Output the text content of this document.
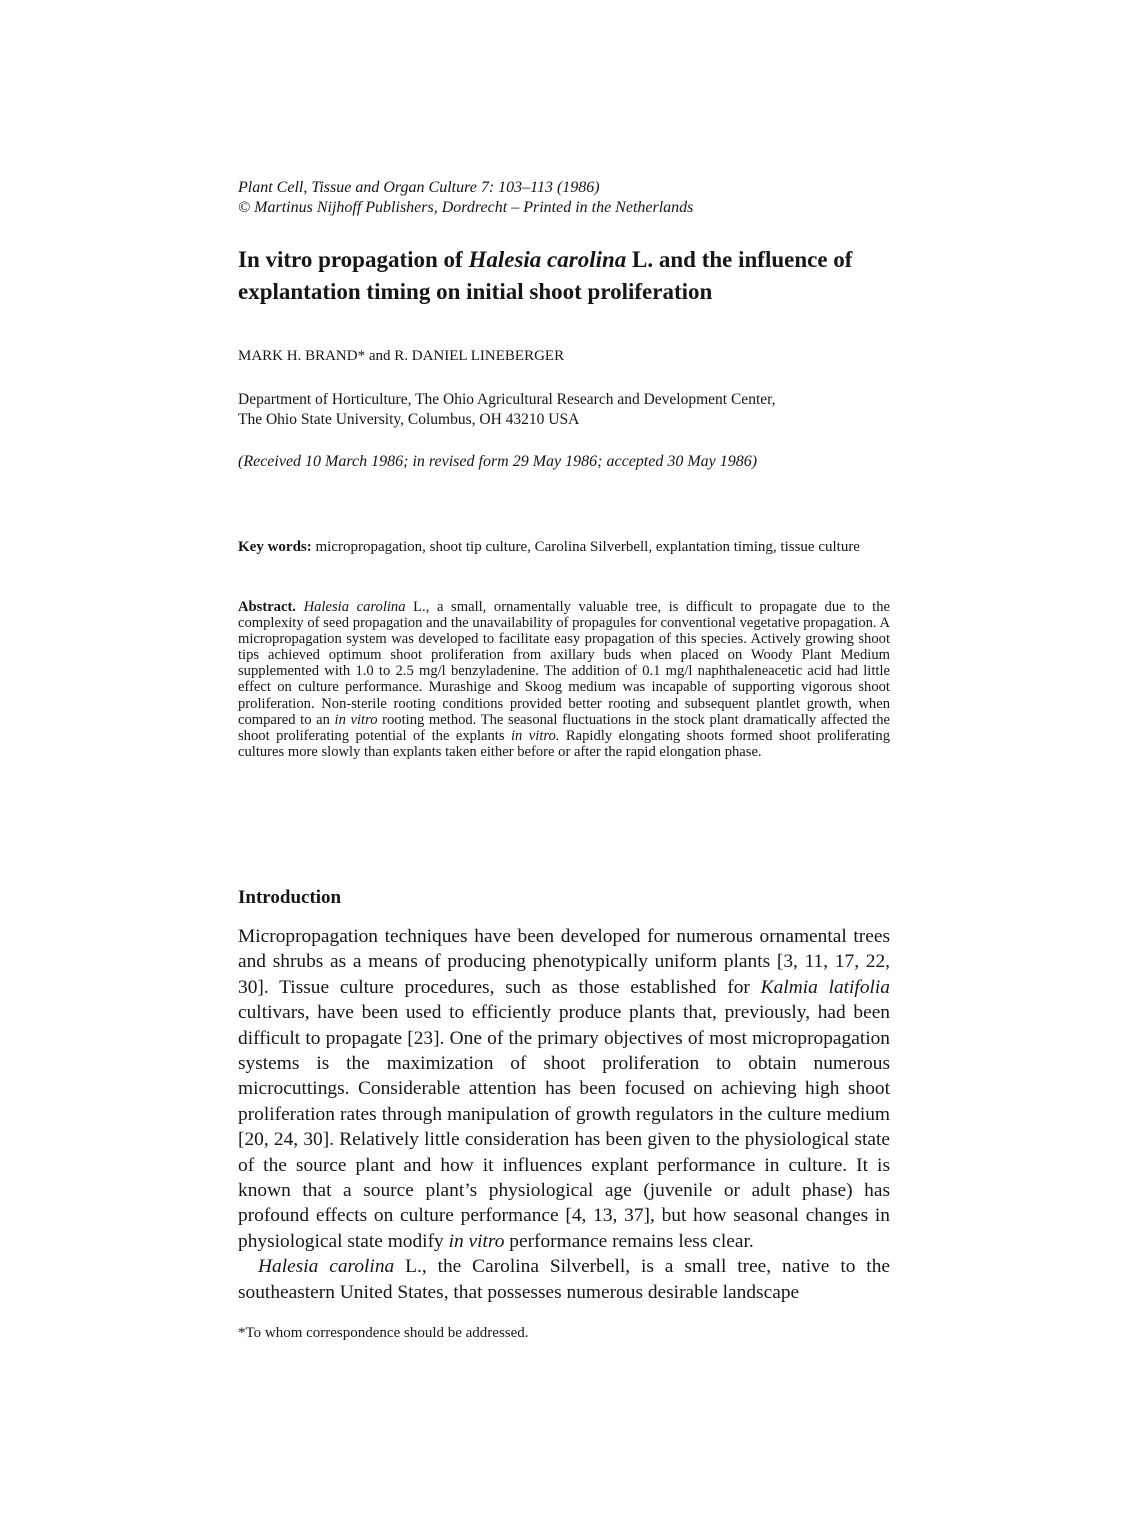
Plant Cell, Tissue and Organ Culture 7: 103–113 (1986)
© Martinus Nijhoff Publishers, Dordrecht – Printed in the Netherlands
In vitro propagation of Halesia carolina L. and the influence of
explantation timing on initial shoot proliferation
MARK H. BRAND* and R. DANIEL LINEBERGER
Department of Horticulture, The Ohio Agricultural Research and Development Center,
The Ohio State University, Columbus, OH 43210 USA
(Received 10 March 1986; in revised form 29 May 1986; accepted 30 May 1986)
Key words: micropropagation, shoot tip culture, Carolina Silverbell, explantation timing, tissue culture
Abstract. Halesia carolina L., a small, ornamentally valuable tree, is difficult to propagate due to the complexity of seed propagation and the unavailability of propagules for conventional vegetative propagation. A micropropagation system was developed to facilitate easy propagation of this species. Actively growing shoot tips achieved optimum shoot proliferation from axillary buds when placed on Woody Plant Medium supplemented with 1.0 to 2.5 mg/l benzyladenine. The addition of 0.1 mg/l naphthaleneacetic acid had little effect on culture performance. Murashige and Skoog medium was incapable of supporting vigorous shoot proliferation. Non-sterile rooting conditions provided better rooting and subsequent plantlet growth, when compared to an in vitro rooting method. The seasonal fluctuations in the stock plant dramatically affected the shoot proliferating potential of the explants in vitro. Rapidly elongating shoots formed shoot proliferating cultures more slowly than explants taken either before or after the rapid elongation phase.
Introduction

Micropropagation techniques have been developed for numerous ornamental trees and shrubs as a means of producing phenotypically uniform plants [3, 11, 17, 22, 30]. Tissue culture procedures, such as those established for Kalmia latifolia cultivars, have been used to efficiently produce plants that, previously, had been difficult to propagate [23]. One of the primary objectives of most micropropagation systems is the maximization of shoot proliferation to obtain numerous microcuttings. Considerable attention has been focused on achieving high shoot proliferation rates through manipulation of growth regulators in the culture medium [20, 24, 30]. Relatively little consideration has been given to the physiological state of the source plant and how it influences explant performance in culture. It is known that a source plant’s physiological age (juvenile or adult phase) has profound effects on culture performance [4, 13, 37], but how seasonal changes in physiological state modify in vitro performance remains less clear.

Halesia carolina L., the Carolina Silverbell, is a small tree, native to the southeastern United States, that possesses numerous desirable landscape

*To whom correspondence should be addressed.
